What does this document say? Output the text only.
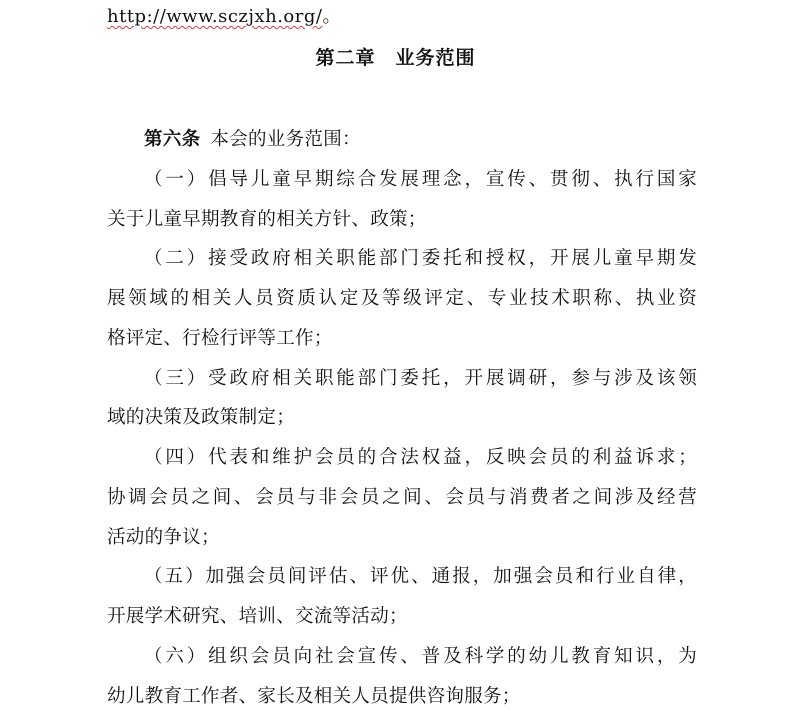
http://www.sczjxh.org/。
第二章　业务范围
第六条 本会的业务范围：
（一）倡导儿童早期综合发展理念，宣传、贯彻、执行国家
关于儿童早期教育的相关方针、政策；
（二）接受政府相关职能部门委托和授权，开展儿童早期发
展领域的相关人员资质认定及等级评定、专业技术职称、执业资
格评定、行检行评等工作；
（三）受政府相关职能部门委托，开展调研，参与涉及该领
域的决策及政策制定；
（四）代表和维护会员的合法权益，反映会员的利益诉求；
协调会员之间、会员与非会员之间、会员与消费者之间涉及经营
活动的争议；
（五）加强会员间评估、评优、通报，加强会员和行业自律，
开展学术研究、培训、交流等活动；
（六）组织会员向社会宣传、普及科学的幼儿教育知识，为
幼儿教育工作者、家长及相关人员提供咨询服务；
